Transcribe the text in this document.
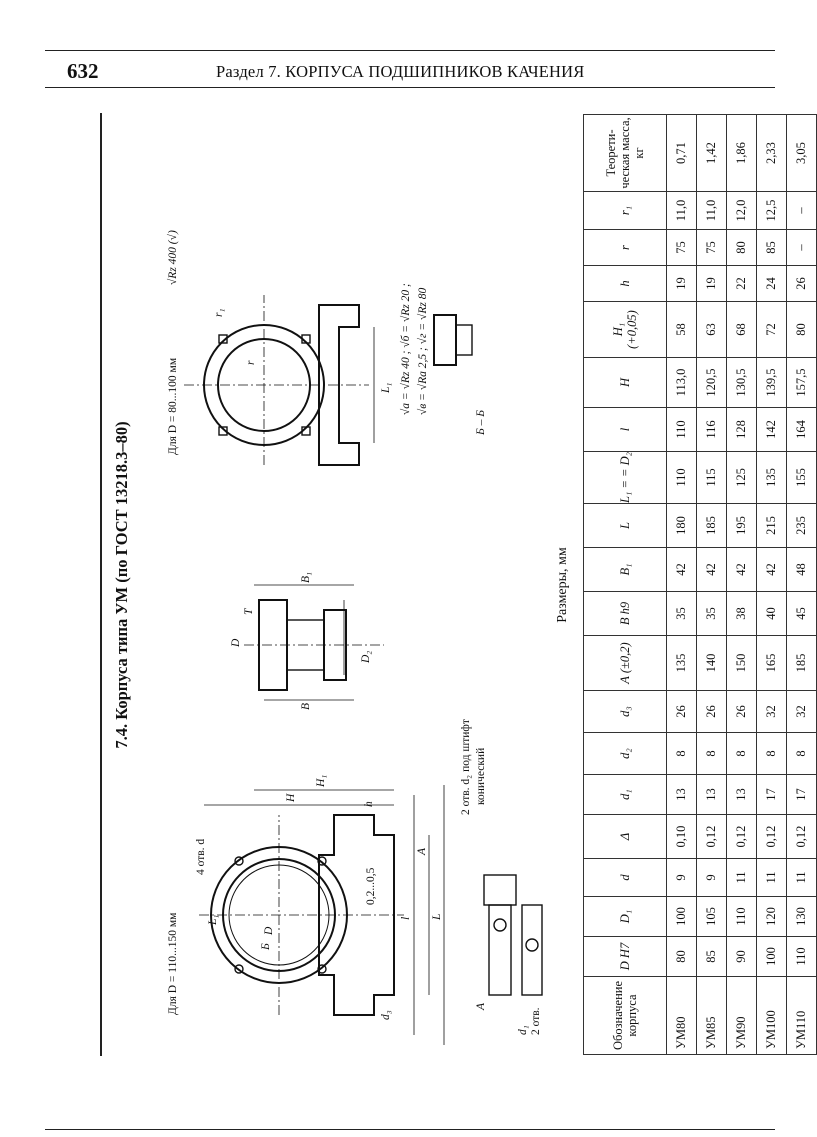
632	Раздел 7. КОРПУСА ПОДШИПНИКОВ КАЧЕНИЯ
7.4. Корпуса типа УМ (по ГОСТ 13218.3–80)
Для D = 110...150 мм
Для D = 80...100 мм
4 отв. d
2 отв.
2 отв. d₂ под штифт конический
Б – Б
√Rz 400 (√)
√a = √Rz 40 ; √б = √Rz 20 ; √в = √Ra 2,5 ; √г = √Rz 80
0,2...0,5
l L
A
L₁
H
H₁
h
D
Б
d₃
d₁
A
D
D₂
B
B₁
T
L₁
r
r₁
Размеры, мм
Обозначение корпуса	D H7	D₁	d	Δ	d₁	d₂	d₃	A (±0,2)	B h9	B₁	L	L₁ = = D₂	l	H	H₁ (+0,05)	h	r	r₁	Теорети-ческая масса, кг
УМ80	80	100	9	0,10	13	8	26	135	35	42	180	110	110	113,0	58	19	75	11,0	0,71
УМ85	85	105	9	0,12	13	8	26	140	35	42	185	115	116	120,5	63	19	75	11,0	1,42
УМ90	90	110	11	0,12	13	8	26	150	38	42	195	125	128	130,5	68	22	80	12,0	1,86
УМ100	100	120	11	0,12	17	8	32	165	40	42	215	135	142	139,5	72	24	85	12,5	2,33
УМ110	110	130	11	0,12	17	8	32	185	45	48	235	155	164	157,5	80	26	–	–	3,05
